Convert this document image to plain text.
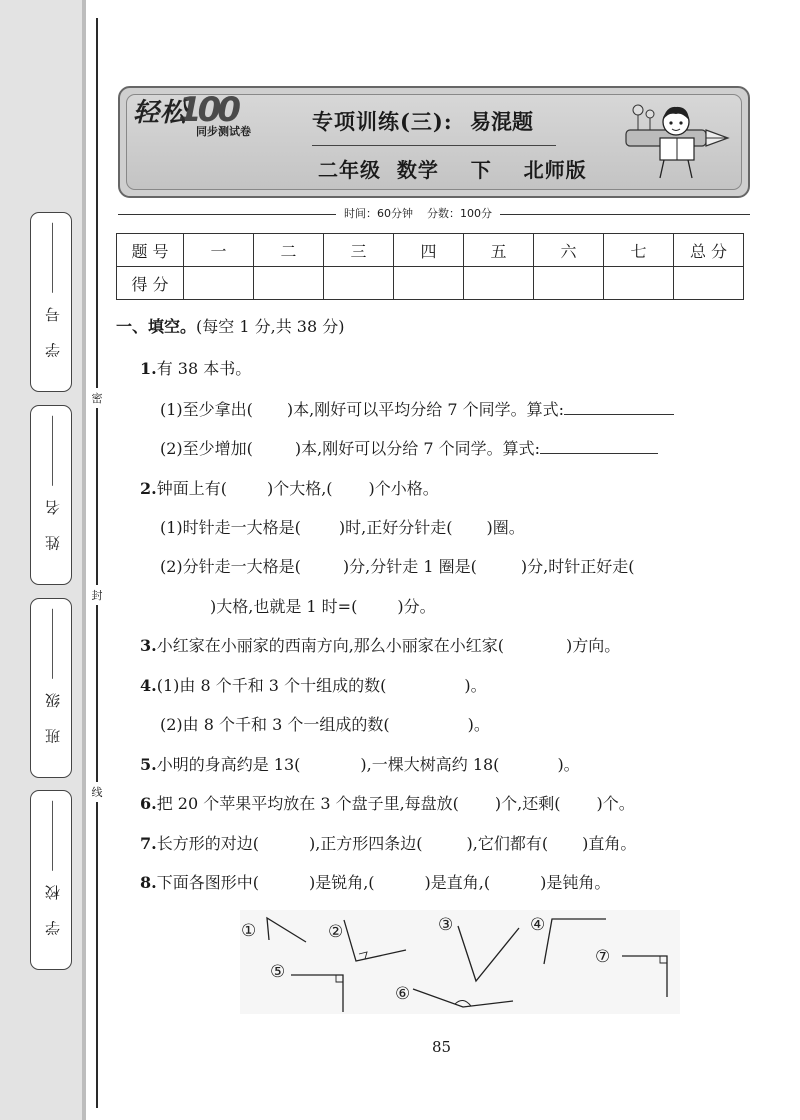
学 号
姓 名
班 级
学 校
密
封
线
轻松
100
同步测试卷	专项训练(三): 易混题
二年级  数学    下    北师版
时间：60分钟    分数：100分
题 号	一	二	三	四	五	六	七	总 分
得 分								
一、填空。(每空 1 分,共 38 分)
1.有 38 本书。
(1)至少拿出( )本,刚好可以平均分给 7 个同学。算式:
(2)至少增加(	)本,刚好可以分给 7 个同学。算式:
2.钟面上有(	)个大格,( )个小格。
(1)时针走一大格是( )时,正好分针走( )圈。
(2)分针走一大格是(	)分,分针走 1 圈是(	)分,时针正好走(
)大格,也就是 1 时=(	)分。
3.小红家在小丽家的西南方向,那么小丽家在小红家(	)方向。
4.(1)由 8 个千和 3 个十组成的数(	)。
(2)由 8 个千和 3 个一组成的数(	)。
5.小明的身高约是 13(	),一棵大树高约 18(	)。
6.把 20 个苹果平均放在 3 个盘子里,每盘放( )个,还剩( )个。
7.长方形的对边(	),正方形四条边(	),它们都有( )直角。
8.下面各图形中(	)是锐角,(	)是直角,(	)是钝角。
①	②	③	④
⑤
⑥
⑦
85
